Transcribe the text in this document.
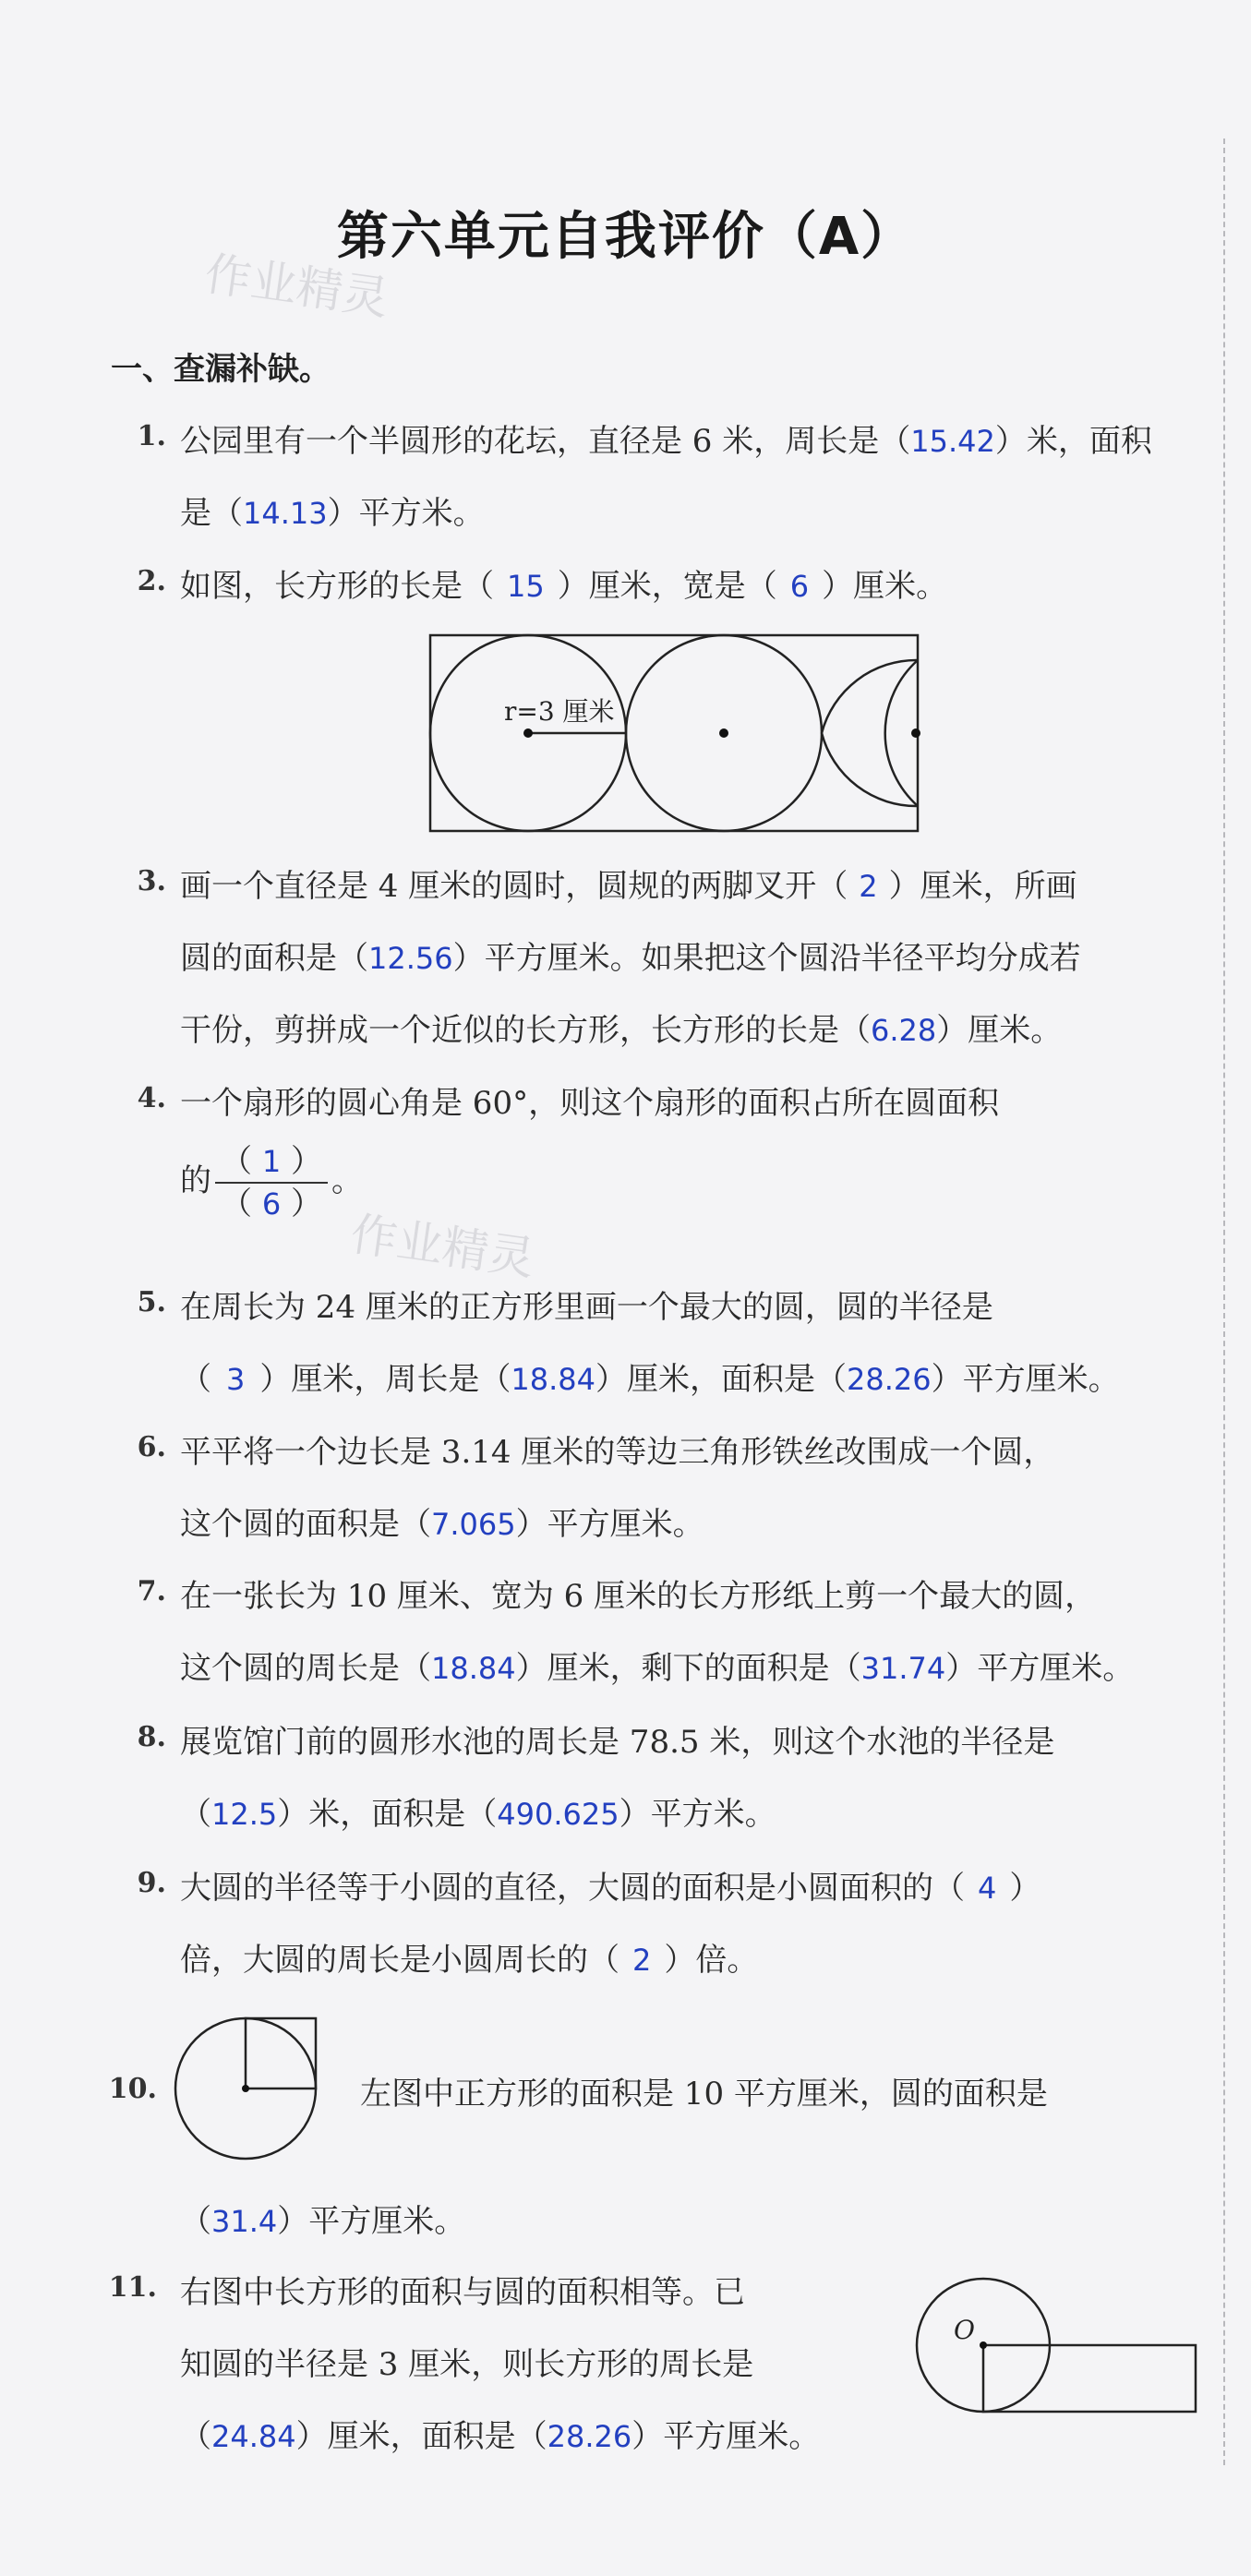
第六单元自我评价（A）
作业精灵
作业精灵
一、查漏补缺。
1. 公园里有一个半圆形的花坛，直径是 6 米，周长是（15.42）米，面积
是（14.13）平方米。
2. 如图，长方形的长是（ 15 ）厘米，宽是（ 6 ）厘米。
r=3 厘米
3. 画一个直径是 4 厘米的圆时，圆规的两脚叉开（ 2 ）厘米，所画
圆的面积是（12.56）平方厘米。如果把这个圆沿半径平均分成若
干份，剪拼成一个近似的长方形，长方形的长是（6.28）厘米。
4. 一个扇形的圆心角是 60°，则这个扇形的面积占所在圆面积
的 $\frac{( 1 )}{( 6 )}$ 。
5. 在周长为 24 厘米的正方形里画一个最大的圆，圆的半径是
（ 3 ）厘米，周长是（18.84）厘米，面积是（28.26）平方厘米。
6. 平平将一个边长是 3.14 厘米的等边三角形铁丝改围成一个圆，
这个圆的面积是（7.065）平方厘米。
7. 在一张长为 10 厘米、宽为 6 厘米的长方形纸上剪一个最大的圆，
这个圆的周长是（18.84）厘米，剩下的面积是（31.74）平方厘米。
8. 展览馆门前的圆形水池的周长是 78.5 米，则这个水池的半径是
（12.5）米，面积是（490.625）平方米。
9. 大圆的半径等于小圆的直径，大圆的面积是小圆面积的（ 4 ）
倍，大圆的周长是小圆周长的（ 2 ）倍。
10.	左图中正方形的面积是 10 平方厘米，圆的面积是
（31.4）平方厘米。
11. 右图中长方形的面积与圆的面积相等。已
知圆的半径是 3 厘米，则长方形的周长是
（24.84）厘米，面积是（28.26）平方厘米。
O
